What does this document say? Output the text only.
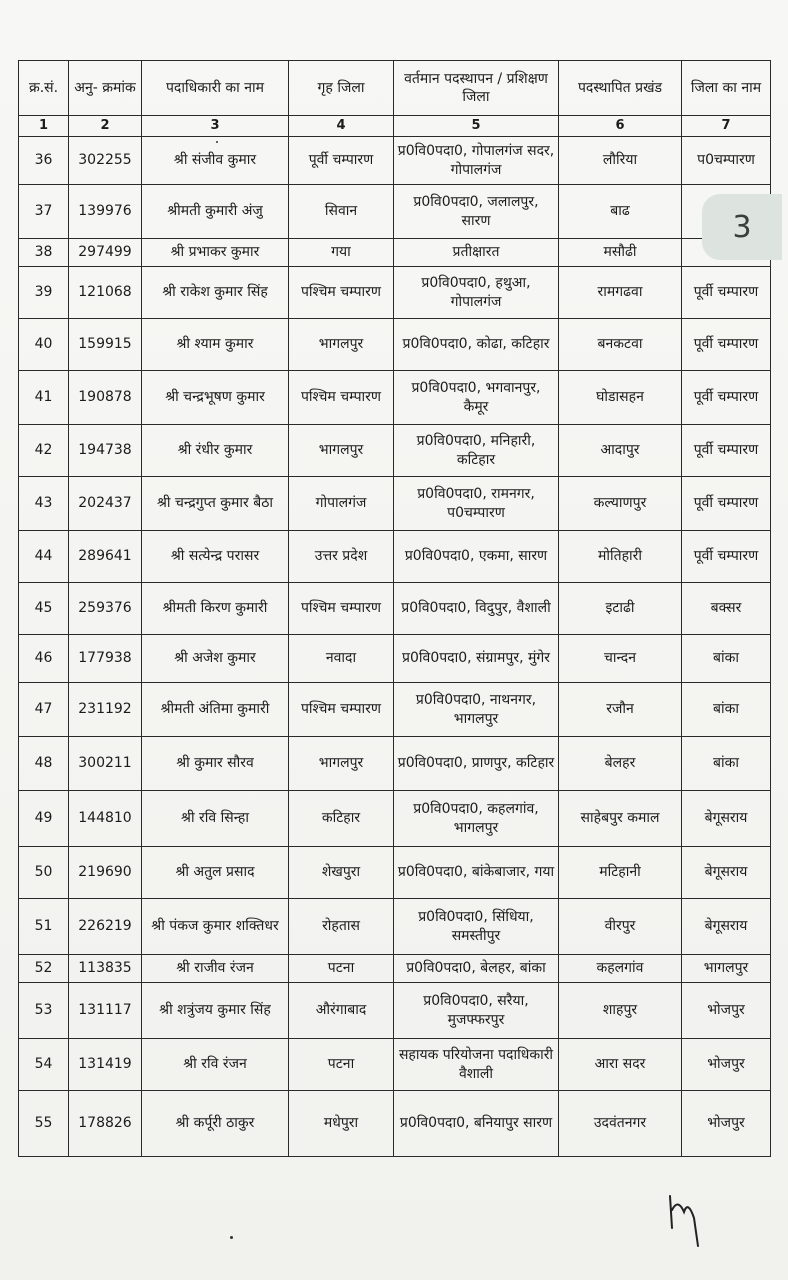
क्र.सं.	अनु- क्रमांक	पदाधिकारी का नाम	गृह जिला	वर्तमान पदस्थापन / प्रशिक्षण जिला	पदस्थापित प्रखंड	जिला का नाम
1	2	3	4	5	6	7
36	302255	श्री संजीव कुमार	पूर्वी चम्पारण	प्र0वि0पदा0, गोपालगंज सदर, गोपालगंज	लौरिया	प0चम्पारण
37	139976	श्रीमती कुमारी अंजु	सिवान	प्र0वि0पदा0, जलालपुर, सारण	बाढ	
38	297499	श्री प्रभाकर कुमार	गया	प्रतीक्षारत	मसौढी	
39	121068	श्री राकेश कुमार सिंह	पश्चिम चम्पारण	प्र0वि0पदा0, हथुआ, गोपालगंज	रामगढवा	पूर्वी चम्पारण
40	159915	श्री श्याम कुमार	भागलपुर	प्र0वि0पदा0, कोढा, कटिहार	बनकटवा	पूर्वी चम्पारण
41	190878	श्री चन्द्रभूषण कुमार	पश्चिम चम्पारण	प्र0वि0पदा0, भगवानपुर, कैमूर	घोडासहन	पूर्वी चम्पारण
42	194738	श्री रंधीर कुमार	भागलपुर	प्र0वि0पदा0, मनिहारी, कटिहार	आदापुर	पूर्वी चम्पारण
43	202437	श्री चन्द्रगुप्त कुमार बैठा	गोपालगंज	प्र0वि0पदा0, रामनगर, प0चम्पारण	कल्याणपुर	पूर्वी चम्पारण
44	289641	श्री सत्येन्द्र परासर	उत्तर प्रदेश	प्र0वि0पदा0, एकमा, सारण	मोतिहारी	पूर्वी चम्पारण
45	259376	श्रीमती किरण कुमारी	पश्चिम चम्पारण	प्र0वि0पदा0, विदुपुर, वैशाली	इटाढी	बक्सर
46	177938	श्री अजेश कुमार	नवादा	प्र0वि0पदा0, संग्रामपुर, मुंगेर	चान्दन	बांका
47	231192	श्रीमती अंतिमा कुमारी	पश्चिम चम्पारण	प्र0वि0पदा0, नाथनगर, भागलपुर	रजौन	बांका
48	300211	श्री कुमार सौरव	भागलपुर	प्र0वि0पदा0, प्राणपुर, कटिहार	बेलहर	बांका
49	144810	श्री रवि सिन्हा	कटिहार	प्र0वि0पदा0, कहलगांव, भागलपुर	साहेबपुर कमाल	बेगूसराय
50	219690	श्री अतुल प्रसाद	शेखपुरा	प्र0वि0पदा0, बांकेबाजार, गया	मटिहानी	बेगूसराय
51	226219	श्री पंकज कुमार शक्तिधर	रोहतास	प्र0वि0पदा0, सिंधिया, समस्तीपुर	वीरपुर	बेगूसराय
52	113835	श्री राजीव रंजन	पटना	प्र0वि0पदा0, बेलहर, बांका	कहलगांव	भागलपुर
53	131117	श्री शत्रुंजय कुमार सिंह	औरंगाबाद	प्र0वि0पदा0, सरैया, मुजफ्फरपुर	शाहपुर	भोजपुर
54	131419	श्री रवि रंजन	पटना	सहायक परियोजना पदाधिकारी वैशाली	आरा सदर	भोजपुर
55	178826	श्री कर्पूरी ठाकुर	मधेपुरा	प्र0वि0पदा0, बनियापुर सारण	उदवंतनगर	भोजपुर
3
